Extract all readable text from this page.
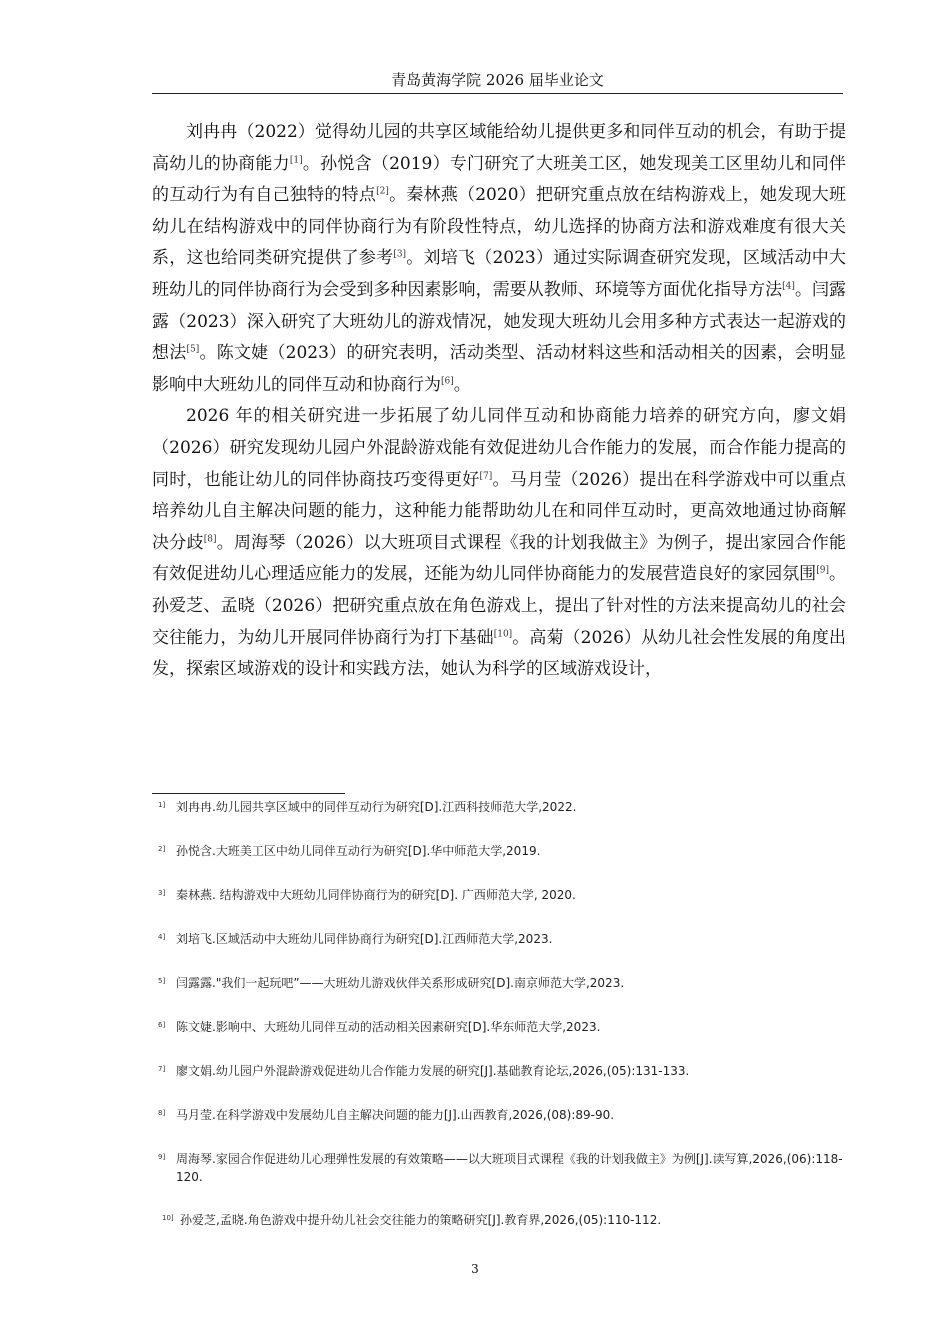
青岛黄海学院 2026 届毕业论文

刘冉冉（2022）觉得幼儿园的共享区域能给幼儿提供更多和同伴互动的机会，有助于提高幼儿的协商能力[1]。孙悦含（2019）专门研究了大班美工区，她发现美工区里幼儿和同伴的互动行为有自己独特的特点[2]。秦林燕（2020）把研究重点放在结构游戏上，她发现大班幼儿在结构游戏中的同伴协商行为有阶段性特点，幼儿选择的协商方法和游戏难度有很大关系，这也给同类研究提供了参考[3]。刘培飞（2023）通过实际调查研究发现，区域活动中大班幼儿的同伴协商行为会受到多种因素影响，需要从教师、环境等方面优化指导方法[4]。闫露露（2023）深入研究了大班幼儿的游戏情况，她发现大班幼儿会用多种方式表达一起游戏的想法[5]。陈文婕（2023）的研究表明，活动类型、活动材料这些和活动相关的因素，会明显影响中大班幼儿的同伴互动和协商行为[6]。

2026 年的相关研究进一步拓展了幼儿同伴互动和协商能力培养的研究方向，廖文娟（2026）研究发现幼儿园户外混龄游戏能有效促进幼儿合作能力的发展，而合作能力提高的同时，也能让幼儿的同伴协商技巧变得更好[7]。马月莹（2026）提出在科学游戏中可以重点培养幼儿自主解决问题的能力，这种能力能帮助幼儿在和同伴互动时，更高效地通过协商解决分歧[8]。周海琴（2026）以大班项目式课程《我的计划我做主》为例子，提出家园合作能有效促进幼儿心理适应能力的发展，还能为幼儿同伴协商能力的发展营造良好的家园氛围[9]。孙爱芝、孟晓（2026）把研究重点放在角色游戏上，提出了针对性的方法来提高幼儿的社会交往能力，为幼儿开展同伴协商行为打下基础[10]。高菊（2026）从幼儿社会性发展的角度出发，探索区域游戏的设计和实践方法，她认为科学的区域游戏设计，

1] 刘冉冉.幼儿园共享区域中的同伴互动行为研究[D].江西科技师范大学,2022.
2] 孙悦含.大班美工区中幼儿同伴互动行为研究[D].华中师范大学,2019.
3] 秦林燕. 结构游戏中大班幼儿同伴协商行为的研究[D]. 广西师范大学, 2020.
4] 刘培飞.区域活动中大班幼儿同伴协商行为研究[D].江西师范大学,2023.
5] 闫露露."我们一起玩吧”——大班幼儿游戏伙伴关系形成研究[D].南京师范大学,2023.
6] 陈文婕.影响中、大班幼儿同伴互动的活动相关因素研究[D].华东师范大学,2023.
7] 廖文娟.幼儿园户外混龄游戏促进幼儿合作能力发展的研究[J].基础教育论坛,2026,(05):131-133.
8] 马月莹.在科学游戏中发展幼儿自主解决问题的能力[J].山西教育,2026,(08):89-90.
9] 周海琴.家园合作促进幼儿心理弹性发展的有效策略——以大班项目式课程《我的计划我做主》为例[J].读写算,2026,(06):118-120.
10] 孙爱芝,孟晓.角色游戏中提升幼儿社会交往能力的策略研究[J].教育界,2026,(05):110-112.
3
